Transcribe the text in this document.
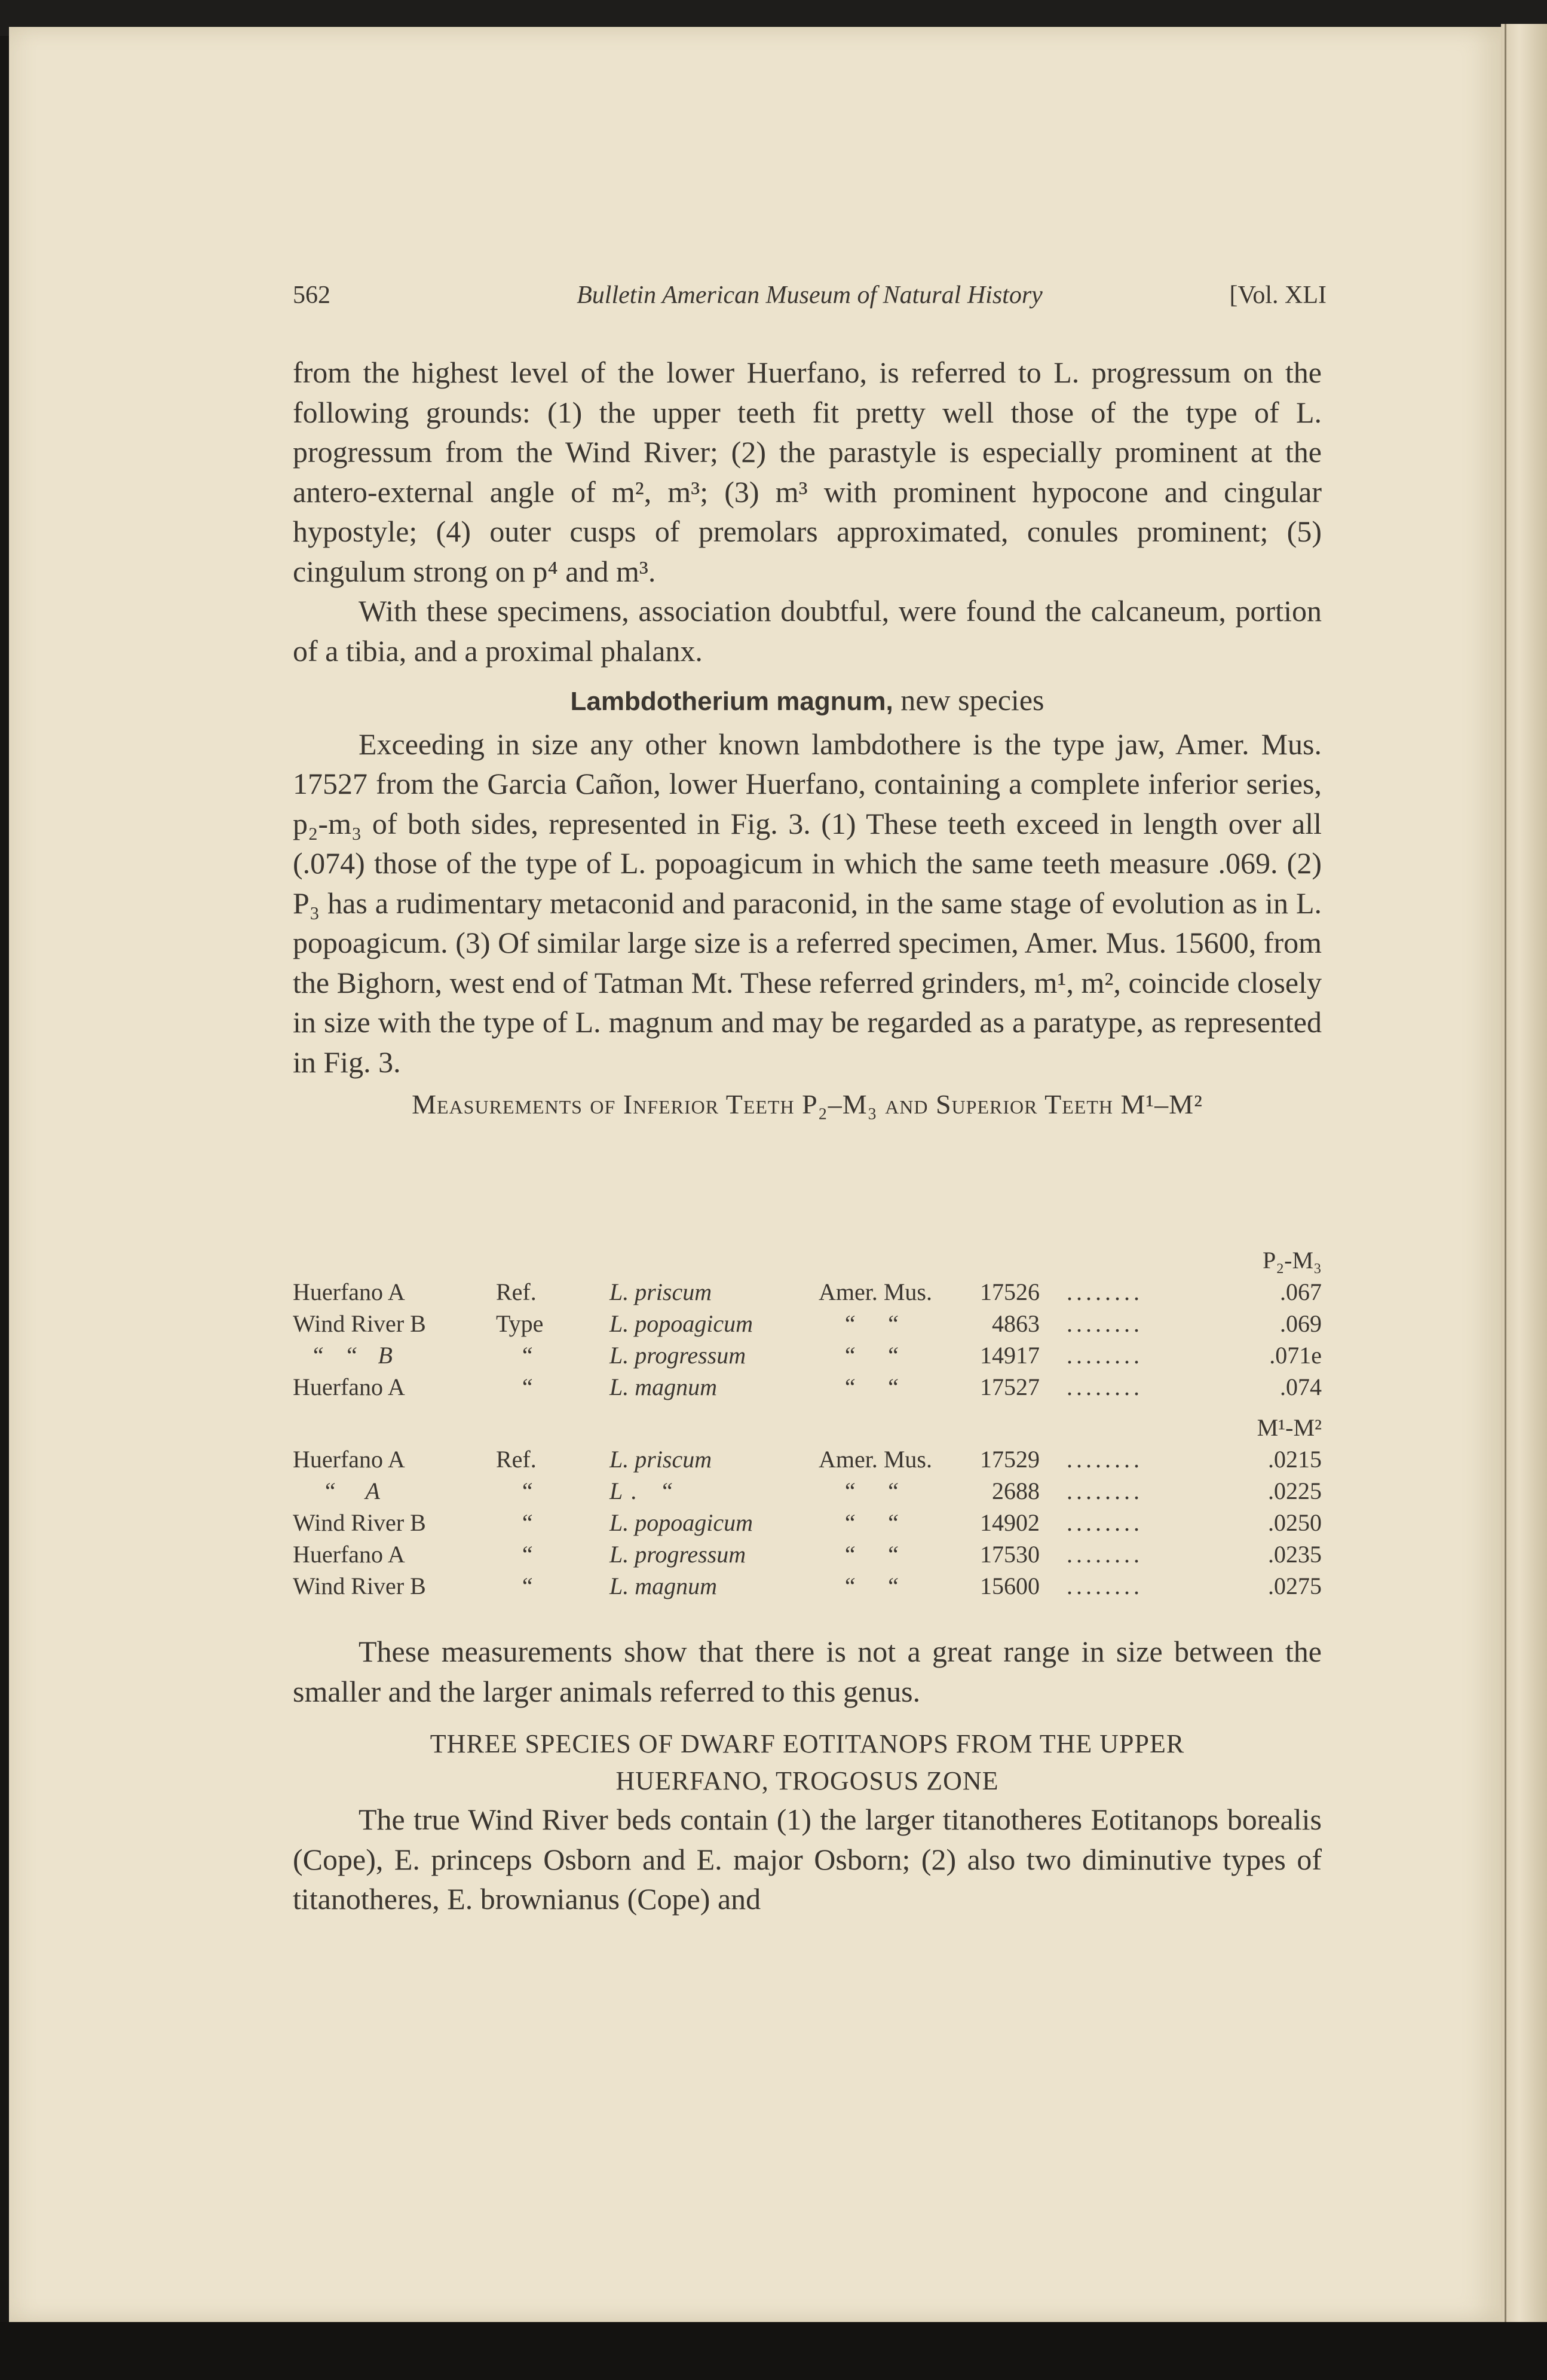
562	Bulletin American Museum of Natural History	[Vol. XLI

from the highest level of the lower Huerfano, is referred to L. progressum on the following grounds: (1) the upper teeth fit pretty well those of the type of L. progressum from the Wind River; (2) the parastyle is especially prominent at the antero-external angle of m², m³; (3) m³ with prominent hypocone and cingular hypostyle; (4) outer cusps of premolars approximated, conules prominent; (5) cingulum strong on p⁴ and m³.

With these specimens, association doubtful, were found the calcaneum, portion of a tibia, and a proximal phalanx.

Lambdotherium magnum, new species

Exceeding in size any other known lambdothere is the type jaw, Amer. Mus. 17527 from the Garcia Cañon, lower Huerfano, containing a complete inferior series, p₂-m₃ of both sides, represented in Fig. 3. (1) These teeth exceed in length over all (.074) those of the type of L. popoagicum in which the same teeth measure .069. (2) P₃ has a rudimentary metaconid and paraconid, in the same stage of evolution as in L. popoagicum. (3) Of similar large size is a referred specimen, Amer. Mus. 15600, from the Bighorn, west end of Tatman Mt. These referred grinders, m¹, m², coincide closely in size with the type of L. magnum and may be regarded as a paratype, as represented in Fig. 3.

Measurements of Inferior Teeth P₂–M₃ and Superior Teeth M¹–M²

P₂-M₃
Huerfano A	Ref.	L. priscum	Amer. Mus.	17526 ........	.067
Wind River B	Type	L. popoagicum	“ “	4863 ........	.069
“ “ B	“	L. progressum	“ “	14917 ........	.071e
Huerfano A	“	L. magnum	“ “	17527 ........	.074
M¹-M²
Huerfano A	Ref.	L. priscum	Amer. Mus.	17529 ........	.0215
“ A	“	L. “	“ “	2688 ........	.0225
Wind River B	“	L. popoagicum	“ “	14902 ........	.0250
Huerfano A	“	L. progressum	“ “	17530 ........	.0235
Wind River B	“	L. magnum	“ “	15600 ........	.0275

These measurements show that there is not a great range in size between the smaller and the larger animals referred to this genus.

THREE SPECIES OF DWARF EOTITANOPS FROM THE UPPER

HUERFANO, TROGOSUS ZONE

The true Wind River beds contain (1) the larger titanotheres Eotitanops borealis (Cope), E. princeps Osborn and E. major Osborn; (2) also two diminutive types of titanotheres, E. brownianus (Cope) and
